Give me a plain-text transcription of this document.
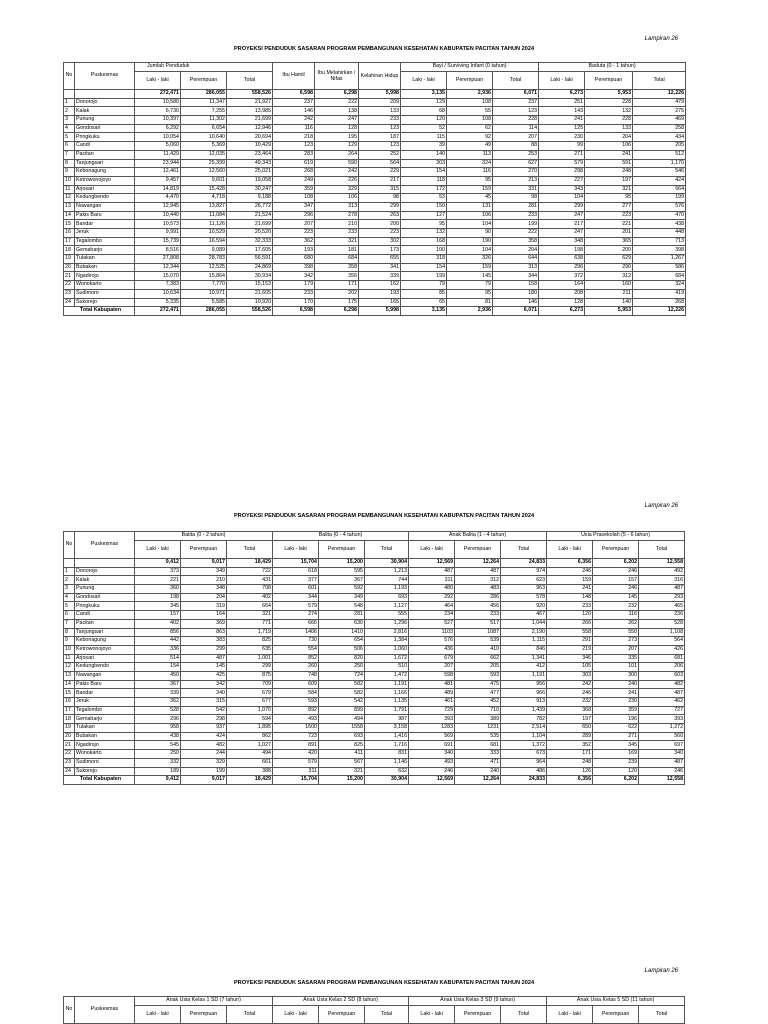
Lampiran 26
PROYEKSI PENDUDUK SASARAN PROGRAM PEMBANGUNAN KESEHATAN KABUPATEN PACITAN TAHUN 2024
No	Puskesmas	Jumlah Penduduk			Ibu Hamil	Ibu Melahirkan / Nifas	Kelahiran Hidup	Bayi / Surviving Infant (0 tahun)			Baduta (0 - 1 tahun)		
		Laki - laki	Perempuan	Total				Laki - laki	Perempuan	Total	Laki - laki	Perempuan	Total
		272,471	286,055	558,526	6,598	6,298	5,998	3,135	2,936	6,071	6,273	5,953	12,226
1	Donorojo	10,580	11,347	21,927	237	222	209	129	108	237	251	228	479
2	Kalak	6,730	7,255	13,985	146	138	133	68	55	123	143	132	275
3	Punung	10,397	11,302	21,699	242	247	233	120	108	228	241	228	469
4	Gondosari	6,292	6,654	12,946	116	128	123	52	62	114	125	133	258
5	Pringkuku	10,054	10,640	20,694	218	195	187	115	92	207	230	204	434
6	Candi	5,060	5,369	10,429	123	129	123	39	49	88	99	106	205
7	Pacitan	11,429	12,035	23,464	283	264	252	140	113	253	271	241	512
8	Tanjungsari	23,944	25,399	49,343	619	590	564	303	324	627	579	591	1,170
9	Kebonagung	12,461	12,560	25,021	268	242	229	154	116	270	298	248	546
10	Ketrowonojoyo	9,457	9,601	19,058	249	226	217	118	95	213	227	197	424
11	Arjosari	14,819	15,428	30,247	359	329	315	172	159	331	343	321	664
12	Kedungbendo	4,470	4,718	9,188	108	106	98	53	45	98	104	95	199
13	Nawangan	12,945	13,827	26,772	347	313	299	150	131	281	299	277	576
14	Pakis Baru	10,440	11,084	21,524	296	278	263	127	106	233	247	223	470
15	Bandar	10,573	11,126	21,699	207	210	200	95	104	199	217	221	438
16	Jeruk	9,991	10,529	20,520	223	233	223	132	90	222	247	201	448
17	Tegalombo	15,739	16,594	32,333	362	321	302	168	190	358	348	365	713
18	Gemaharjo	8,516	9,089	17,605	193	181	173	100	104	204	198	200	398
19	Tulakan	27,808	28,783	56,591	680	684	655	318	326	644	638	629	1,267
20	Bubakan	12,344	12,525	24,869	398	358	341	154	159	313	296	290	586
21	Ngadirojo	15,070	15,864	30,934	342	356	339	199	145	344	372	312	684
22	Wonokarto	7,383	7,770	15,153	179	171	162	79	79	158	164	160	324
23	Sudimoro	10,634	10,971	21,605	233	202	193	85	95	180	208	211	419
24	Sukorejo	5,335	5,585	10,920	170	175	165	65	81	146	128	140	268
Total Kabupaten		272,471	286,055	558,526	6,598	6,298	5,998	3,135	2,936	6,071	6,273	5,953	12,226
Lampiran 26
PROYEKSI PENDUDUK SASARAN PROGRAM PEMBANGUNAN KESEHATAN KABUPATEN PACITAN TAHUN 2024
No	Puskesmas	Batita (0 - 2 tahun)			Balita (0 - 4 tahun)			Anak Balita (1 - 4 tahun)			Usia Prasekolah (5 - 6 tahun)		
		Laki - laki	Perempuan	Total	Laki - laki	Perempuan	Total	Laki - laki	Perempuan	Total	Laki - laki	Perempuan	Total
		9,412	9,017	18,429	15,704	15,200	30,904	12,569	12,264	24,833	6,356	6,202	12,558
1	Donorojo	373	349	722	618	595	1,213	487	487	974	246	246	492
2	Kalak	221	210	431	377	367	744	311	312	623	159	157	316
3	Punung	360	348	708	601	592	1,193	480	483	963	241	246	487
4	Gondosari	198	204	402	344	349	693	292	286	578	148	145	293
5	Pringkuku	345	319	664	579	548	1,127	464	456	920	233	232	465
6	Candi	157	164	321	274	281	555	234	233	467	120	116	236
7	Pacitan	402	369	771	666	630	1,296	527	517	1,044	266	262	528
8	Tanjungsari	856	863	1,719	1406	1410	2,816	1103	1087	2,190	558	550	1,108
9	Kebonagung	442	383	825	730	654	1,384	576	539	1,115	291	273	564
10	Ketrowonojoyo	336	299	635	554	506	1,060	436	410	846	219	207	426
11	Arjosari	514	487	1,001	852	820	1,672	679	662	1,341	346	335	681
12	Kedungbendo	154	145	299	260	250	510	207	205	412	105	101	206
13	Nawangan	450	425	875	748	724	1,472	598	593	1,191	303	300	603
14	Pakis Baru	367	342	709	609	582	1,191	481	475	956	242	240	482
15	Bandar	339	340	679	584	582	1,166	489	477	966	246	241	487
16	Jeruk	362	315	677	593	542	1,135	461	452	913	232	230	462
17	Tegalombo	528	542	1,070	892	899	1,791	729	710	1,439	368	359	727
18	Gemaharjo	296	298	594	493	494	987	393	389	782	197	196	393
19	Tulakan	958	937	1,895	1600	1558	3,158	1283	1231	2,514	650	622	1,272
20	Bubakan	438	424	862	723	693	1,416	569	535	1,104	289	271	560
21	Ngadirojo	545	482	1,027	891	825	1,716	691	681	1,372	352	345	697
22	Wonokarto	250	244	494	420	411	831	340	333	673	171	169	340
23	Sudimoro	332	329	661	579	567	1,146	493	471	964	248	239	487
24	Sukorejo	189	199	388	311	321	632	246	240	486	126	120	246
Total Kabupaten		9,412	9,017	18,429	15,704	15,200	30,904	12,569	12,264	24,833	6,356	6,202	12,558
Lampiran 26
PROYEKSI PENDUDUK SASARAN PROGRAM PEMBANGUNAN KESEHATAN KABUPATEN PACITAN TAHUN 2024
No	Puskesmas	Anak Usia Kelas 1 SD (7 tahun)			Anak Usia Kelas 2 SD (8 tahun)			Anak Usia Kelas 3 SD (9 tahun)			Anak Usia Kelas 5 SD (11 tahun)		
		Laki - laki	Perempuan	Total	Laki - laki	Perempuan	Total	Laki - laki	Perempuan	Total	Laki - laki	Perempuan	Total
